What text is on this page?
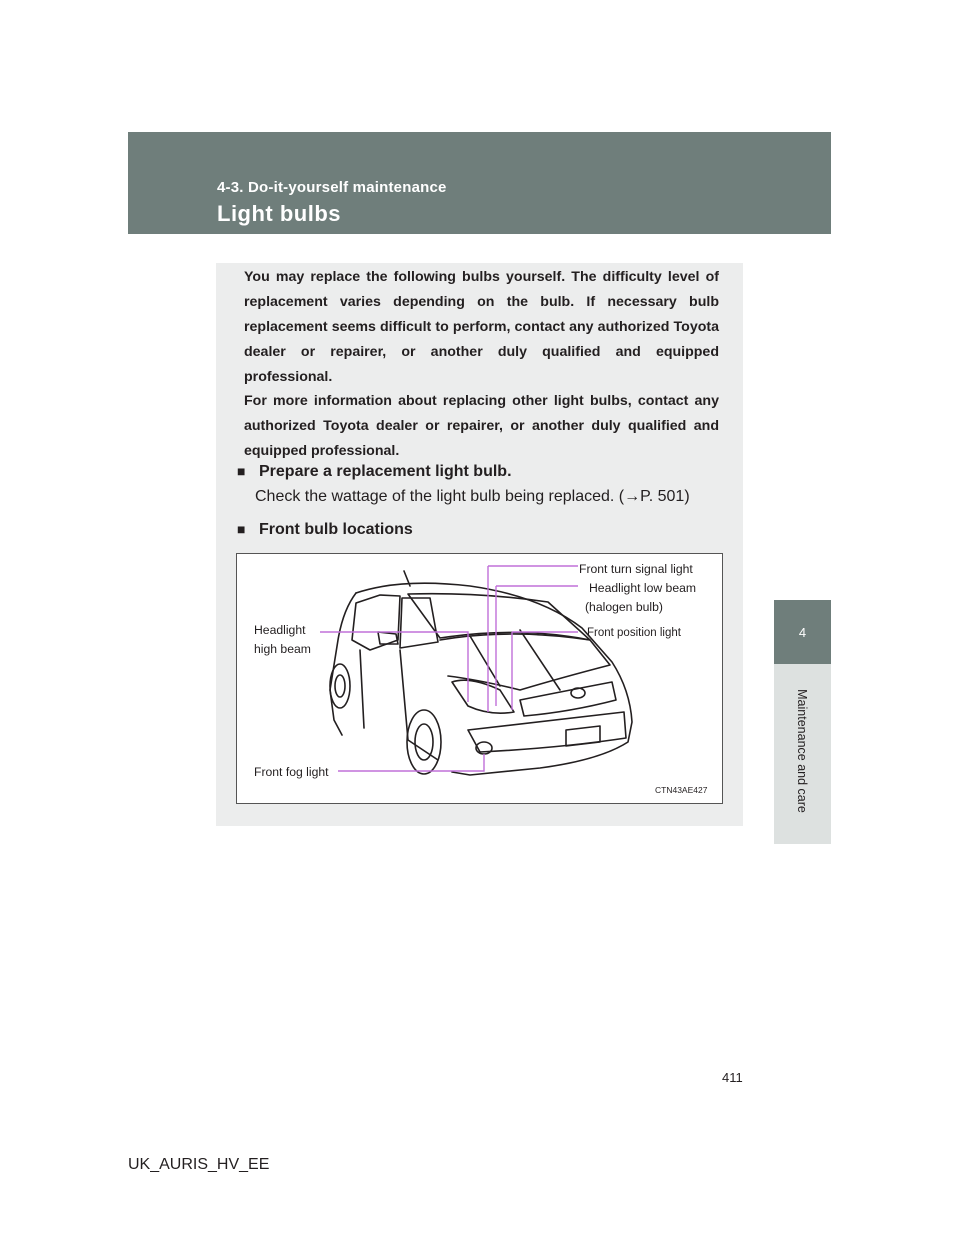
4-3. Do-it-yourself maintenance
Light bulbs
4
Maintenance and care
You may replace the following bulbs yourself. The difficulty level of replacement varies depending on the bulb. If necessary bulb replacement seems difficult to perform, contact any authorized Toyota dealer or repairer, or another duly qualified and equipped professional.
For more information about replacing other light bulbs, contact any authorized Toyota dealer or repairer, or another duly qualified and equipped professional.
■ Prepare a replacement light bulb.
Check the wattage of the light bulb being replaced. (→P. 501)
■ Front bulb locations
Front turn signal light
Headlight low beam
(halogen bulb)
Front position light
Headlight
high beam
Front fog light
CTN43AE427
411
UK_AURIS_HV_EE
